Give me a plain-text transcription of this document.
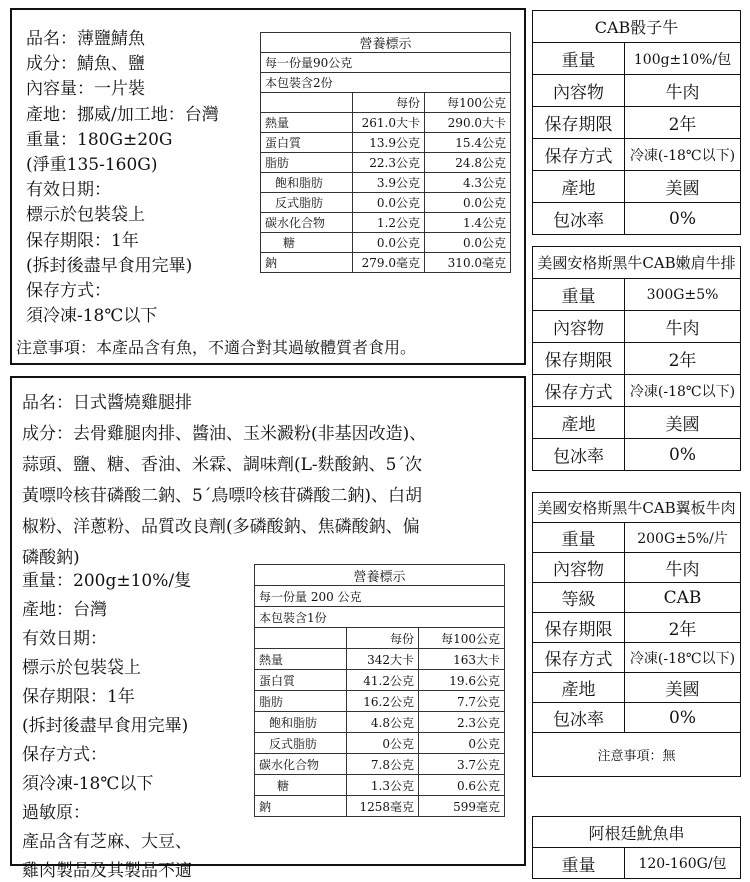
品名：薄鹽鯖魚
成分：鯖魚、鹽
內容量：一片裝
產地：挪威/加工地：台灣
重量：180G±20G
(淨重135-160G)
有效日期：
標示於包裝袋上
保存期限：1年
(拆封後盡早食用完畢)
保存方式：
須冷凍-18℃以下
營養標示		
每一份量90公克		
本包裝含2份		
	每份	每100公克
熱量	261.0大卡	290.0大卡
蛋白質	13.9公克	15.4公克
脂肪	22.3公克	24.8公克
飽和脂肪	3.9公克	4.3公克
反式脂肪	0.0公克	0.0公克
碳水化合物	1.2公克	1.4公克
糖	0.0公克	0.0公克
鈉	279.0毫克	310.0毫克
注意事項：本產品含有魚，不適合對其過敏體質者食用。
品名：日式醬燒雞腿排
成分：去骨雞腿肉排、醬油、玉米澱粉(非基因改造)、
蒜頭、鹽、糖、香油、米霖、調味劑(L-麩酸鈉、5ˊ次
黃嘌呤核苷磷酸二鈉、5ˊ鳥嘌呤核苷磷酸二鈉)、白胡
椒粉、洋蔥粉、品質改良劑(多磷酸鈉、焦磷酸鈉、偏
磷酸鈉)
重量：200g±10%/隻
產地：台灣
有效日期：
標示於包裝袋上
保存期限：1年
(拆封後盡早食用完畢)
保存方式：
須冷凍-18℃以下
過敏原：
產品含有芝麻、大豆、
雞肉製品及其製品不適
營養標示		
每一份量 200 公克		
本包裝含1份		
	每份	每100公克
熱量	342大卡	163大卡
蛋白質	41.2公克	19.6公克
脂肪	16.2公克	7.7公克
飽和脂肪	4.8公克	2.3公克
反式脂肪	0公克	0公克
碳水化合物	7.8公克	3.7公克
糖	1.3公克	0.6公克
鈉	1258毫克	599毫克
CAB骰子牛	
重量	100g±10%/包
內容物	牛肉
保存期限	2年
保存方式	冷凍(-18℃以下)
產地	美國
包冰率	0%
美國安格斯黑牛CAB嫩肩牛排	
重量	300G±5%
內容物	牛肉
保存期限	2年
保存方式	冷凍(-18℃以下)
產地	美國
包冰率	0%
美國安格斯黑牛CAB翼板牛肉	
重量	200G±5%/片
內容物	牛肉
等級	CAB
保存期限	2年
保存方式	冷凍(-18℃以下)
產地	美國
包冰率	0%
注意事項：無	
阿根廷魷魚串
重量	120-160G/包
